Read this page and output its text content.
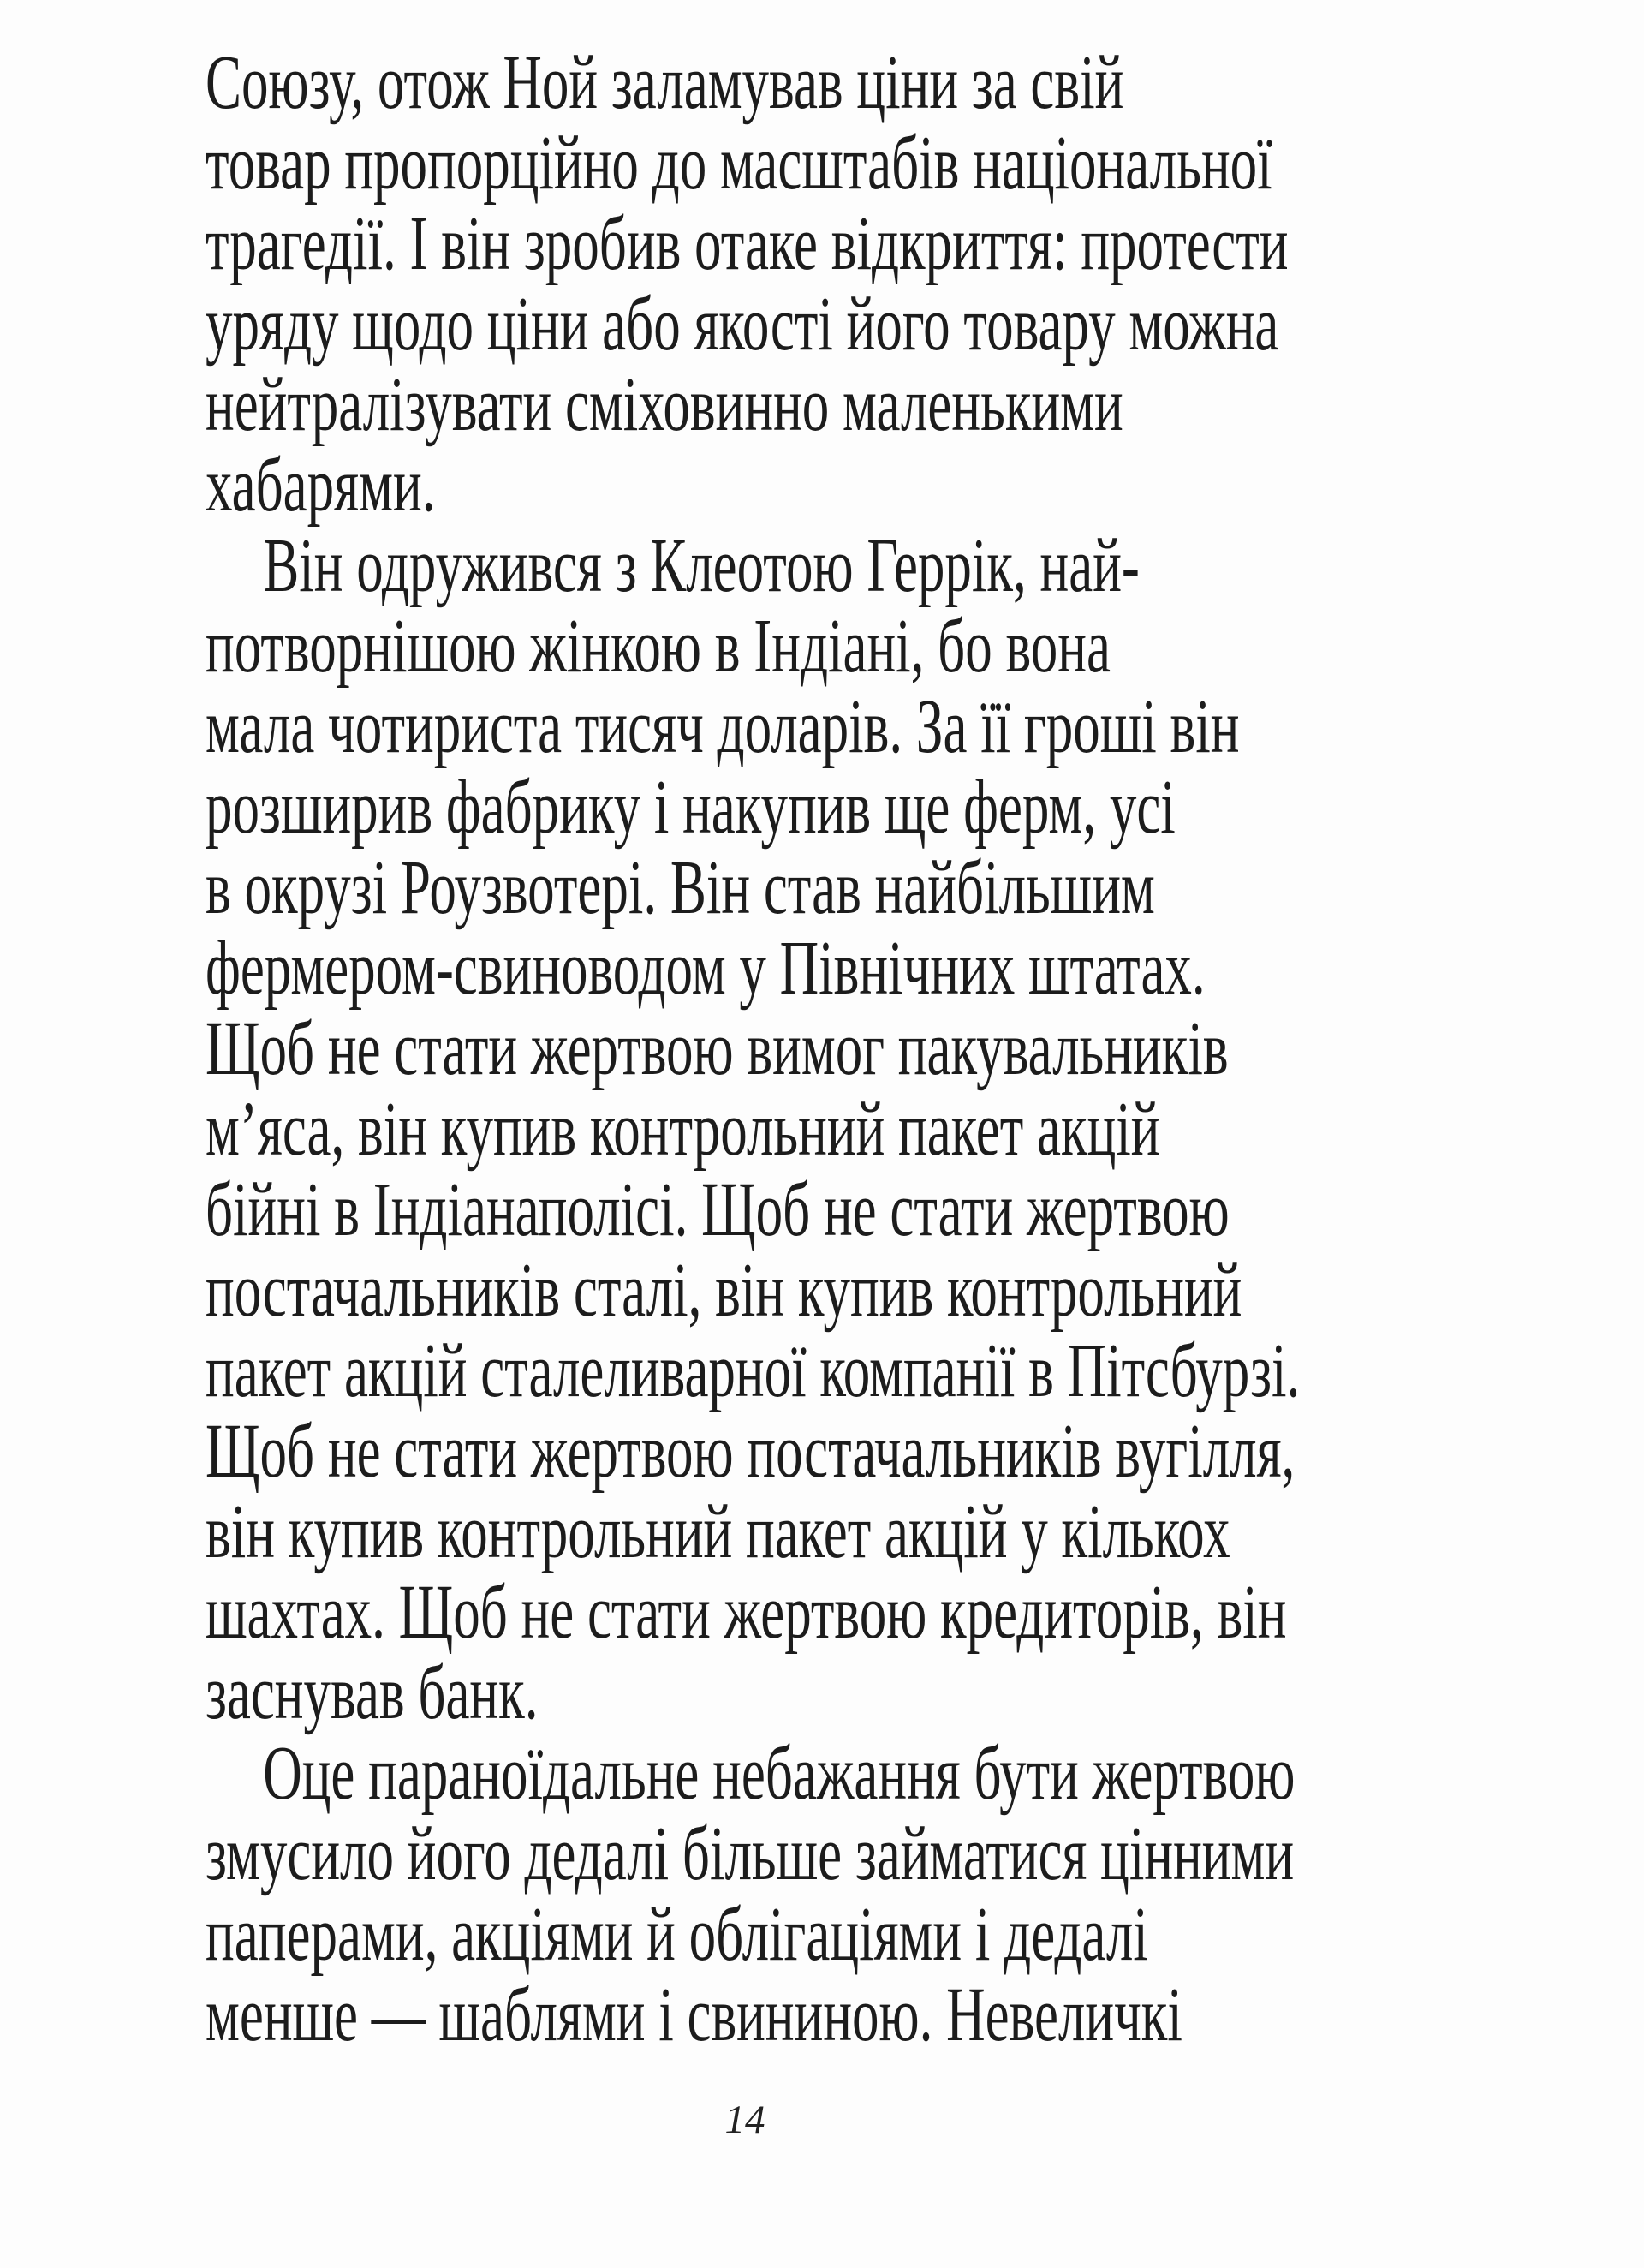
Союзу, отож Ной заламував ціни за свій
товар пропорційно до масштабів національної
трагедії. І він зробив отаке відкриття: протести
уряду щодо ціни або якості його товару можна
нейтралізувати сміховинно маленькими
хабарями.
Він одружився з Клеотою Геррік, най-
потворнішою жінкою в Індіані, бо вона
мала чотириста тисяч доларів. За її гроші він
розширив фабрику і накупив ще ферм, усі
в окрузі Роузвотері. Він став найбільшим
фермером-свиноводом у Північних штатах.
Щоб не стати жертвою вимог пакувальників
м’яса, він купив контрольний пакет акцій
бійні в Індіанаполісі. Щоб не стати жертвою
постачальників сталі, він купив контрольний
пакет акцій сталеливарної компанії в Пітсбурзі.
Щоб не стати жертвою постачальників вугілля,
він купив контрольний пакет акцій у кількох
шахтах. Щоб не стати жертвою кредиторів, він
заснував банк.
Оце параноїдальне небажання бути жертвою
змусило його дедалі більше займатися цінними
паперами, акціями й облігаціями і дедалі
менше — шаблями і свининою. Невеличкі
14
